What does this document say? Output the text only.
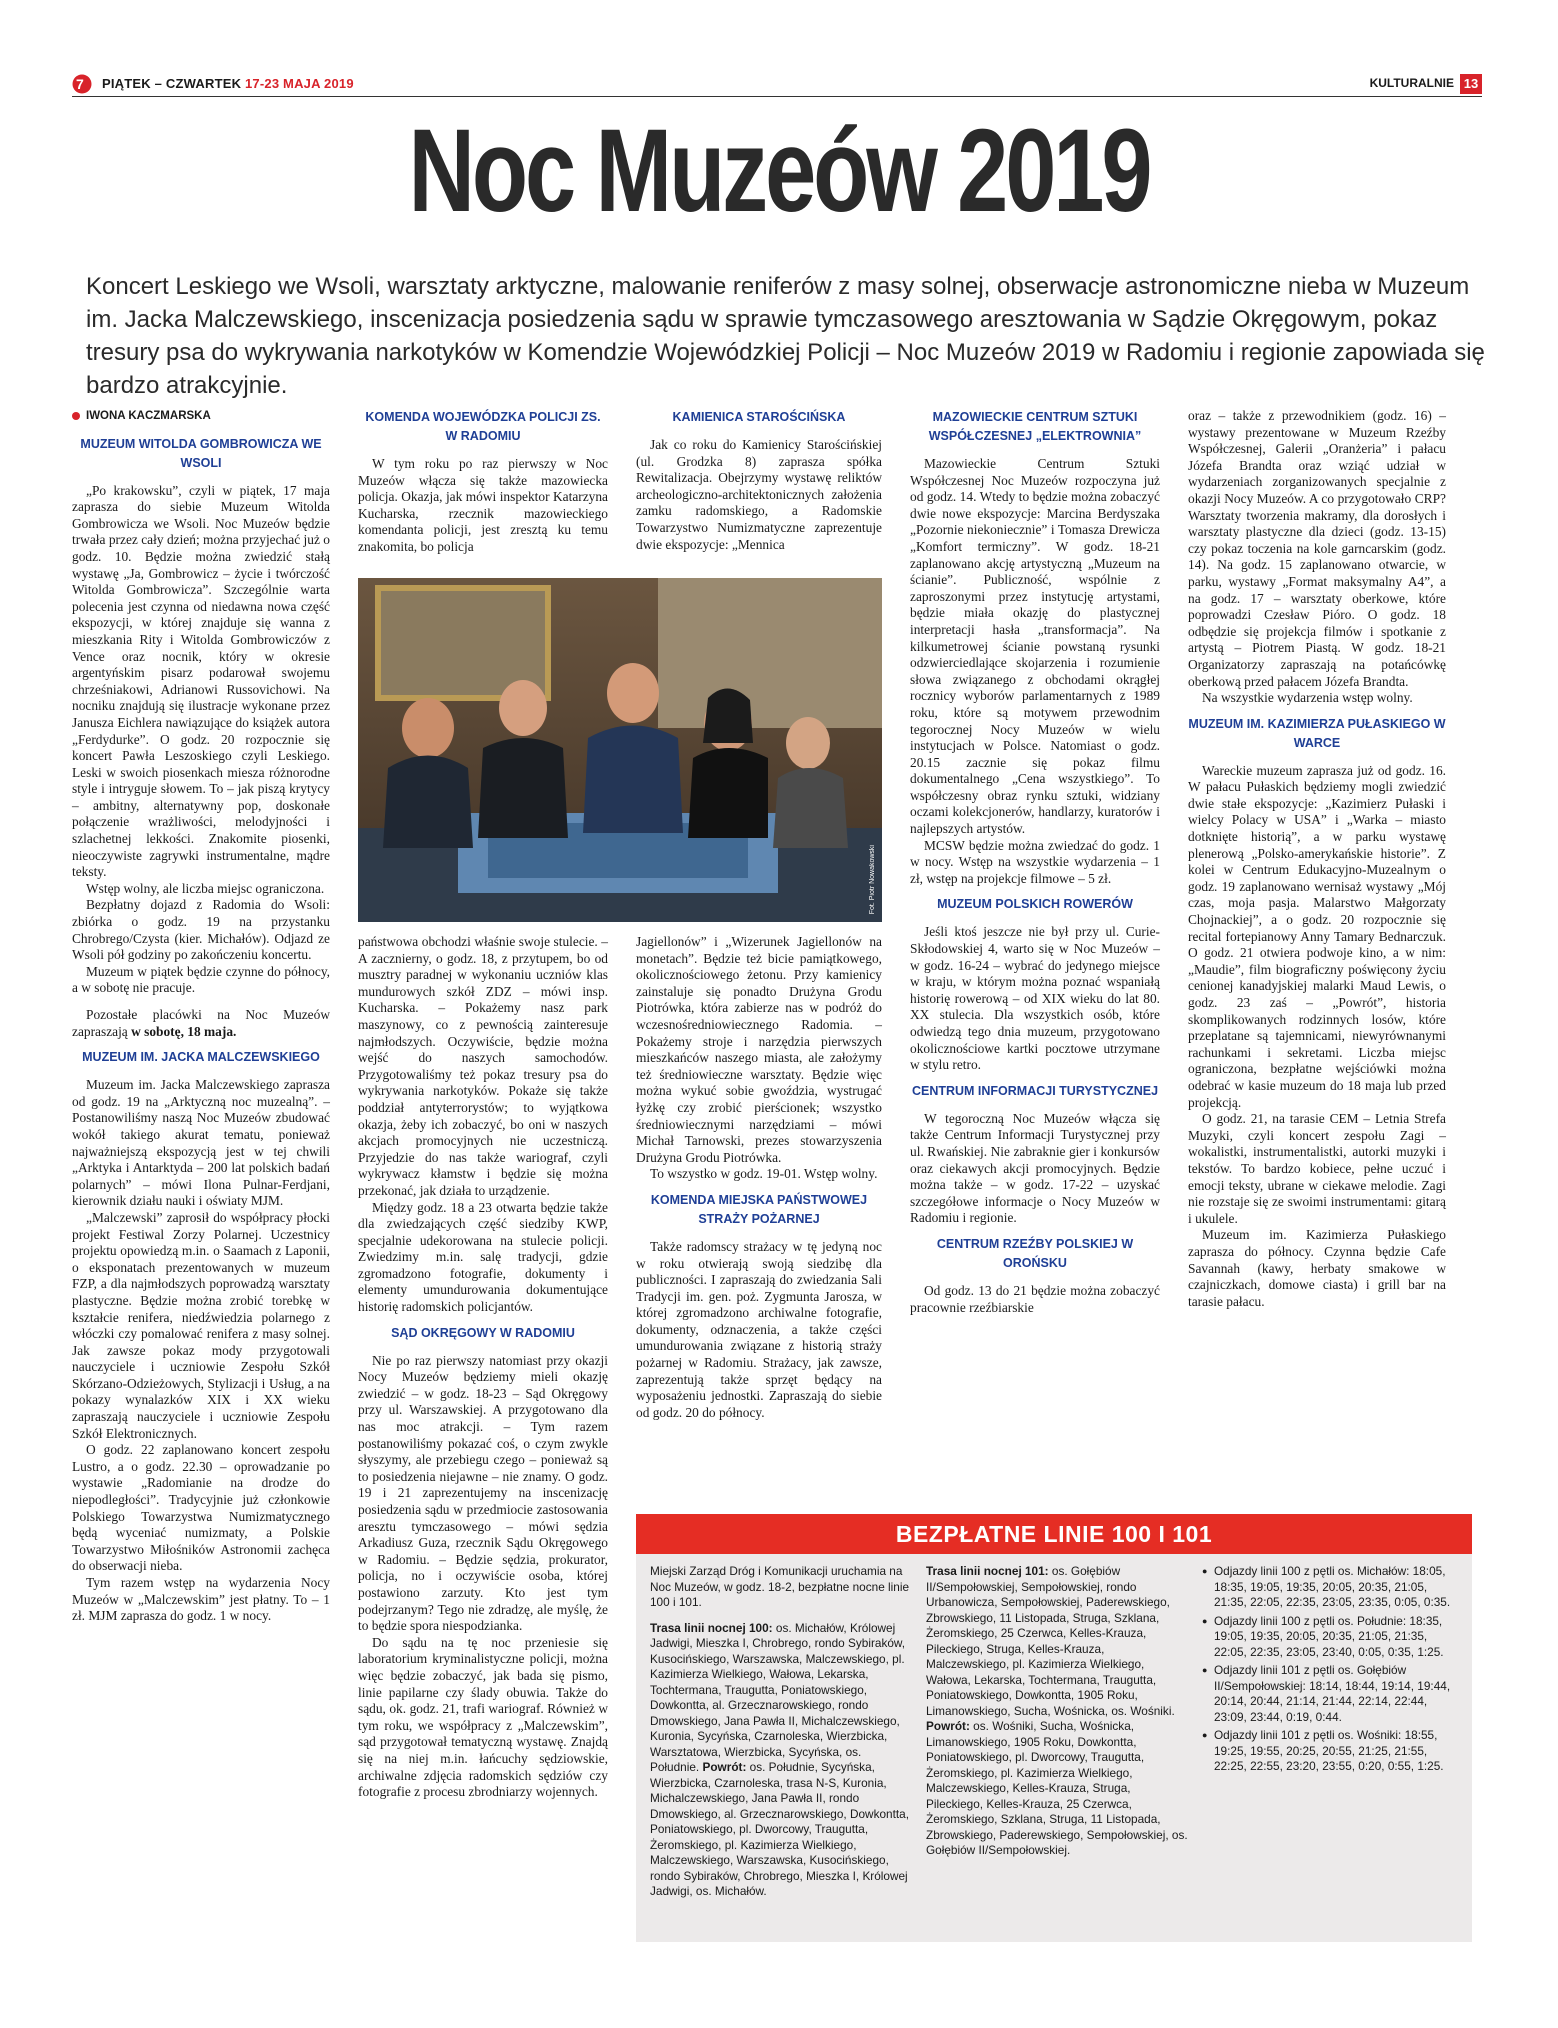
7 PIĄTEK – CZWARTEK 17-23 MAJA 2019	KULTURALNIE 13
Noc Muzeów 2019
Koncert Leskiego we Wsoli, warsztaty arktyczne, malowanie reniferów z masy solnej, obserwacje astronomiczne nieba w Muzeum im. Jacka Malczewskiego, inscenizacja posiedzenia sądu w sprawie tymczasowego aresztowania w Sądzie Okręgowym, pokaz tresury psa do wykrywania narkotyków w Komendzie Wojewódzkiej Policji – Noc Muzeów 2019 w Radomiu i regionie zapowiada się bardzo atrakcyjnie.
IWONA KACZMARSKA
MUZEUM WITOLDA GOMBROWICZA WE WSOLI

„Po krakowsku”, czyli w piątek, 17 maja zaprasza do siebie Muzeum Witolda Gombrowicza we Wsoli. Noc Muzeów będzie trwała przez cały dzień; można przyjechać już o godz. 10. Będzie można zwiedzić stałą wystawę „Ja, Gombrowicz – życie i twórczość Witolda Gombrowicza”. Szczególnie warta polecenia jest czynna od niedawna nowa część ekspozycji, w której znajduje się wanna z mieszkania Rity i Witolda Gombrowiczów z Vence oraz nocnik, który w okresie argentyńskim pisarz podarował swojemu chrześniakowi, Adrianowi Russovichowi. Na nocniku znajdują się ilustracje wykonane przez Janusza Eichlera nawiązujące do książek autora „Ferdydurke”. O godz. 20 rozpocznie się koncert Pawła Leszoskiego czyli Leskiego. Leski w swoich piosenkach miesza różnorodne style i intryguje słowem. To – jak piszą krytycy – ambitny, alternatywny pop, doskonałe połączenie wrażliwości, melodyjności i szlachetnej lekkości. Znakomite piosenki, nieoczywiste zagrywki instrumentalne, mądre teksty.

Wstęp wolny, ale liczba miejsc ograniczona.

Bezpłatny dojazd z Radomia do Wsoli: zbiórka o godz. 19 na przystanku Chrobrego/Czysta (kier. Michałów). Odjazd ze Wsoli pół godziny po zakończeniu koncertu.

Muzeum w piątek będzie czynne do północy, a w sobotę nie pracuje.

Pozostałe placówki na Noc Muzeów zapraszają w sobotę, 18 maja.

MUZEUM IM. JACKA MALCZEWSKIEGO

Muzeum im. Jacka Malczewskiego zaprasza od godz. 19 na „Arktyczną noc muzealną”. – Postanowiliśmy naszą Noc Muzeów zbudować wokół takiego akurat tematu, ponieważ najważniejszą ekspozycją jest w tej chwili „Arktyka i Antarktyda – 200 lat polskich badań polarnych” – mówi Ilona Pulnar-Ferdjani, kierownik działu nauki i oświaty MJM.

„Malczewski” zaprosił do współpracy płocki projekt Festiwal Zorzy Polarnej. Uczestnicy projektu opowiedzą m.in. o Saamach z Laponii, o eksponatach prezentowanych w muzeum FZP, a dla najmłodszych poprowadzą warsztaty plastyczne. Będzie można zrobić torebkę w kształcie renifera, niedźwiedzia polarnego z włóczki czy pomalować renifera z masy solnej. Jak zawsze pokaz mody przygotowali nauczyciele i uczniowie Zespołu Szkół Skórzano-Odzieżowych, Stylizacji i Usług, a na pokazy wynalazków XIX i XX wieku zapraszają nauczyciele i uczniowie Zespołu Szkół Elektronicznych.

O godz. 22 zaplanowano koncert zespołu Lustro, a o godz. 22.30 – oprowadzanie po wystawie „Radomianie na drodze do niepodległości”. Tradycyjnie już członkowie Polskiego Towarzystwa Numizmatycznego będą wyceniać numizmaty, a Polskie Towarzystwo Miłośników Astronomii zachęca do obserwacji nieba.

Tym razem wstęp na wydarzenia Nocy Muzeów w „Malczewskim” jest płatny. To – 1 zł. MJM zaprasza do godz. 1 w nocy.

KOMENDA WOJEWÓDZKA POLICJI ZS. W RADOMIU

W tym roku po raz pierwszy w Noc Muzeów włącza się także mazowiecka policja. Okazja, jak mówi inspektor Katarzyna Kucharska, rzecznik mazowieckiego komendanta policji, jest zresztą ku temu znakomita, bo policja

KAMIENICA STAROŚCIŃSKA

Jak co roku do Kamienicy Starościńskiej (ul. Grodzka 8) zaprasza spółka Rewitalizacja. Obejrzymy wystawę reliktów archeologiczno-architektonicznych założenia zamku radomskiego, a Radomskie Towarzystwo Numizmatyczne zaprezentuje dwie ekspozycje: „Mennica

Fot. Piotr Nowakowski

państwowa obchodzi właśnie swoje stulecie. – A zacznierny, o godz. 18, z przytupem, bo od musztry paradnej w wykonaniu uczniów klas mundurowych szkół ZDZ – mówi insp. Kucharska. – Pokażemy nasz park maszynowy, co z pewnością zainteresuje najmłodszych. Oczywiście, będzie można wejść do naszych samochodów. Przygotowaliśmy też pokaz tresury psa do wykrywania narkotyków. Pokaże się także poddział antyterrorystów; to wyjątkowa okazja, żeby ich zobaczyć, bo oni w naszych akcjach promocyjnych nie uczestniczą. Przyjedzie do nas także wariograf, czyli wykrywacz kłamstw i będzie się można przekonać, jak działa to urządzenie.

Między godz. 18 a 23 otwarta będzie także dla zwiedzających część siedziby KWP, specjalnie udekorowana na stulecie policji. Zwiedzimy m.in. salę tradycji, gdzie zgromadzono fotografie, dokumenty i elementy umundurowania dokumentujące historię radomskich policjantów.

SĄD OKRĘGOWY W RADOMIU

Nie po raz pierwszy natomiast przy okazji Nocy Muzeów będziemy mieli okazję zwiedzić – w godz. 18-23 – Sąd Okręgowy przy ul. Warszawskiej. A przygotowano dla nas moc atrakcji. – Tym razem postanowiliśmy pokazać coś, o czym zwykle słyszymy, ale przebiegu czego – ponieważ są to posiedzenia niejawne – nie znamy. O godz. 19 i 21 zaprezentujemy na inscenizację posiedzenia sądu w przedmiocie zastosowania aresztu tymczasowego – mówi sędzia Arkadiusz Guza, rzecznik Sądu Okręgowego w Radomiu. – Będzie sędzia, prokurator, policja, no i oczywiście osoba, której postawiono zarzuty. Kto jest tym podejrzanym? Tego nie zdradzę, ale myślę, że to będzie spora niespodzianka.

Do sądu na tę noc przeniesie się laboratorium kryminalistyczne policji, można więc będzie zobaczyć, jak bada się pismo, linie papilarne czy ślady obuwia. Także do sądu, ok. godz. 21, trafi wariograf. Również w tym roku, we współpracy z „Malczewskim”, sąd przygotował tematyczną wystawę. Znajdą się na niej m.in. łańcuchy sędziowskie, archiwalne zdjęcia radomskich sędziów czy fotografie z procesu zbrodniarzy wojennych.

Jagiellonów” i „Wizerunek Jagiellonów na monetach”. Będzie też bicie pamiątkowego, okolicznościowego żetonu. Przy kamienicy zainstaluje się ponadto Drużyna Grodu Piotrówka, która zabierze nas w podróż do wczesnośredniowiecznego Radomia. – Pokażemy stroje i narzędzia pierwszych mieszkańców naszego miasta, ale założymy też średniowieczne warsztaty. Będzie więc można wykuć sobie gwoździa, wystrugać łyżkę czy zrobić pierścionek; wszystko średniowiecznymi narzędziami – mówi Michał Tarnowski, prezes stowarzyszenia Drużyna Grodu Piotrówka.

To wszystko w godz. 19-01. Wstęp wolny.

KOMENDA MIEJSKA PAŃSTWOWEJ STRAŻY POŻARNEJ

Także radomscy strażacy w tę jedyną noc w roku otwierają swoją siedzibę dla publiczności. I zapraszają do zwiedzania Sali Tradycji im. gen. poż. Zygmunta Jarosza, w której zgromadzono archiwalne fotografie, dokumenty, odznaczenia, a także części umundurowania związane z historią straży pożarnej w Radomiu. Strażacy, jak zawsze, zaprezentują także sprzęt będący na wyposażeniu jednostki. Zapraszają do siebie od godz. 20 do północy.

MAZOWIECKIE CENTRUM SZTUKI WSPÓŁCZESNEJ „ELEKTROWNIA”

Mazowieckie Centrum Sztuki Współczesnej Noc Muzeów rozpoczyna już od godz. 14. Wtedy to będzie można zobaczyć dwie nowe ekspozycje: Marcina Berdyszaka „Pozornie niekoniecznie” i Tomasza Drewicza „Komfort termiczny”. W godz. 18-21 zaplanowano akcję artystyczną „Muzeum na ścianie”. Publiczność, wspólnie z zaproszonymi przez instytucję artystami, będzie miała okazję do plastycznej interpretacji hasła „transformacja”. Na kilkumetrowej ścianie powstaną rysunki odzwierciedlające skojarzenia i rozumienie słowa związanego z obchodami okrągłej rocznicy wyborów parlamentarnych z 1989 roku, które są motywem przewodnim tegorocznej Nocy Muzeów w wielu instytucjach w Polsce. Natomiast o godz. 20.15 zacznie się pokaz filmu dokumentalnego „Cena wszystkiego”. To współczesny obraz rynku sztuki, widziany oczami kolekcjonerów, handlarzy, kuratorów i najlepszych artystów.

MCSW będzie można zwiedzać do godz. 1 w nocy. Wstęp na wszystkie wydarzenia – 1 zł, wstęp na projekcje filmowe – 5 zł.

MUZEUM POLSKICH ROWERÓW

Jeśli ktoś jeszcze nie był przy ul. Curie-Skłodowskiej 4, warto się w Noc Muzeów – w godz. 16-24 – wybrać do jedynego miejsce w kraju, w którym można poznać wspaniałą historię rowerową – od XIX wieku do lat 80. XX stulecia. Dla wszystkich osób, które odwiedzą tego dnia muzeum, przygotowano okolicznościowe kartki pocztowe utrzymane w stylu retro.

CENTRUM INFORMACJI TURYSTYCZNEJ

W tegoroczną Noc Muzeów włącza się także Centrum Informacji Turystycznej przy ul. Rwańskiej. Nie zabraknie gier i konkursów oraz ciekawych akcji promocyjnych. Będzie można także – w godz. 17-22 – uzyskać szczegółowe informacje o Nocy Muzeów w Radomiu i regionie.

CENTRUM RZEŹBY POLSKIEJ W OROŃSKU

Od godz. 13 do 21 będzie można zobaczyć pracownie rzeźbiarskie

oraz – także z przewodnikiem (godz. 16) – wystawy prezentowane w Muzeum Rzeźby Współczesnej, Galerii „Oranżeria” i pałacu Józefa Brandta oraz wziąć udział w wydarzeniach zorganizowanych specjalnie z okazji Nocy Muzeów. A co przygotowało CRP? Warsztaty tworzenia makramy, dla dorosłych i warsztaty plastyczne dla dzieci (godz. 13-15) czy pokaz toczenia na kole garncarskim (godz. 14). Na godz. 15 zaplanowano otwarcie, w parku, wystawy „Format maksymalny A4”, a na godz. 17 – warsztaty oberkowe, które poprowadzi Czesław Pióro. O godz. 18 odbędzie się projekcja filmów i spotkanie z artystą – Piotrem Piastą. W godz. 18-21 Organizatorzy zapraszają na potańcówkę oberkową przed pałacem Józefa Brandta.

Na wszystkie wydarzenia wstęp wolny.

MUZEUM IM. KAZIMIERZA PUŁASKIEGO W WARCE

Wareckie muzeum zaprasza już od godz. 16. W pałacu Pułaskich będziemy mogli zwiedzić dwie stałe ekspozycje: „Kazimierz Pułaski i wielcy Polacy w USA” i „Warka – miasto dotknięte historią”, a w parku wystawę plenerową „Polsko-amerykańskie historie”. Z kolei w Centrum Edukacyjno-Muzealnym o godz. 19 zaplanowano wernisaż wystawy „Mój czas, moja pasja. Malarstwo Małgorzaty Chojnackiej”, a o godz. 20 rozpocznie się recital fortepianowy Anny Tamary Bednarczuk. O godz. 21 otwiera podwoje kino, a w nim: „Maudie”, film biograficzny poświęcony życiu cenionej kanadyjskiej malarki Maud Lewis, o godz. 23 zaś – „Powrót”, historia skomplikowanych rodzinnych losów, które przeplatane są tajemnicami, niewyrównanymi rachunkami i sekretami. Liczba miejsc ograniczona, bezpłatne wejściówki można odebrać w kasie muzeum do 18 maja lub przed projekcją.

O godz. 21, na tarasie CEM – Letnia Strefa Muzyki, czyli koncert zespołu Zagi – wokalistki, instrumentalistki, autorki muzyki i tekstów. To bardzo kobiece, pełne uczuć i emocji teksty, ubrane w ciekawe melodie. Zagi nie rozstaje się ze swoimi instrumentami: gitarą i ukulele.

Muzeum im. Kazimierza Pułaskiego zaprasza do północy. Czynna będzie Cafe Savannah (kawy, herbaty smakowe w czajniczkach, domowe ciasta) i grill bar na tarasie pałacu.

BEZPŁATNE LINIE 100 I 101

Miejski Zarząd Dróg i Komunikacji uruchamia na Noc Muzeów, w godz. 18-2, bezpłatne nocne linie 100 i 101.

Trasa linii nocnej 100: os. Michałów, Królowej Jadwigi, Mieszka I, Chrobrego, rondo Sybiraków, Kusocińskiego, Warszawska, Malczewskiego, pl. Kazimierza Wielkiego, Wałowa, Lekarska, Tochtermana, Traugutta, Poniatowskiego, Dowkontta, al. Grzecznarowskiego, rondo Dmowskiego, Jana Pawła II, Michalczewskiego, Kuronia, Sycyńska, Czarnoleska, Wierzbicka, Warsztatowa, Wierzbicka, Sycyńska, os. Południe. Powrót: os. Południe, Sycyńska, Wierzbicka, Czarnoleska, trasa N-S, Kuronia, Michalczewskiego, Jana Pawła II, rondo Dmowskiego, al. Grzecznarowskiego, Dowkontta, Poniatowskiego, pl. Dworcowy, Traugutta, Żeromskiego, pl. Kazimierza Wielkiego, Malczewskiego, Warszawska, Kusocińskiego, rondo Sybiraków, Chrobrego, Mieszka I, Królowej Jadwigi, os. Michałów.

Trasa linii nocnej 101: os. Gołębiów II/Sempołowskiej, Sempołowskiej, rondo Urbanowicza, Sempołowskiej, Paderewskiego, Zbrowskiego, 11 Listopada, Struga, Szklana, Żeromskiego, 25 Czerwca, Kelles-Krauza, Pileckiego, Struga, Kelles-Krauza, Malczewskiego, pl. Kazimierza Wielkiego, Wałowa, Lekarska, Tochtermana, Traugutta, Poniatowskiego, Dowkontta, 1905 Roku, Limanowskiego, Sucha, Wośnicka, os. Wośniki. Powrót: os. Wośniki, Sucha, Wośnicka, Limanowskiego, 1905 Roku, Dowkontta, Poniatowskiego, pl. Dworcowy, Traugutta, Żeromskiego, pl. Kazimierza Wielkiego, Malczewskiego, Kelles-Krauza, Struga, Pileckiego, Kelles-Krauza, 25 Czerwca, Żeromskiego, Szklana, Struga, 11 Listopada, Zbrowskiego, Paderewskiego, Sempołowskiej, os. Gołębiów II/Sempołowskiej.

● Odjazdy linii 100 z pętli os. Michałów: 18:05, 18:35, 19:05, 19:35, 20:05, 20:35, 21:05, 21:35, 22:05, 22:35, 23:05, 23:35, 0:05, 0:35.
● Odjazdy linii 100 z pętli os. Południe: 18:35, 19:05, 19:35, 20:05, 20:35, 21:05, 21:35, 22:05, 22:35, 23:05, 23:40, 0:05, 0:35, 1:25.
● Odjazdy linii 101 z pętli os. Gołębiów II/Sempołowskiej: 18:14, 18:44, 19:14, 19:44, 20:14, 20:44, 21:14, 21:44, 22:14, 22:44, 23:09, 23:44, 0:19, 0:44.
● Odjazdy linii 101 z pętli os. Wośniki: 18:55, 19:25, 19:55, 20:25, 20:55, 21:25, 21:55, 22:25, 22:55, 23:20, 23:55, 0:20, 0:55, 1:25.
